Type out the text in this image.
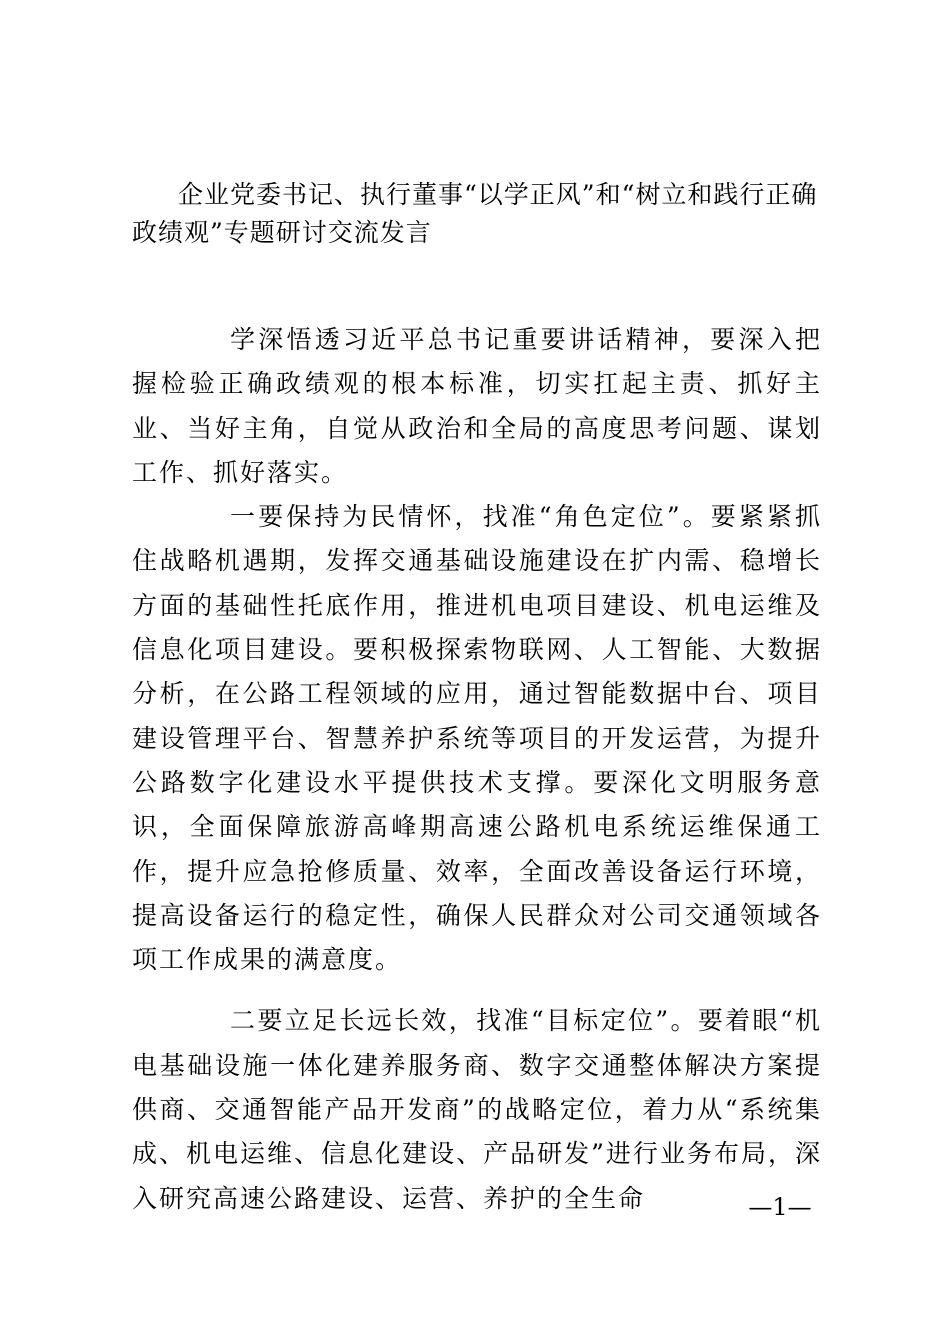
企业党委书记、执行董事“以学正风”和“树立和践行正确政绩观”专题研讨交流发言

学深悟透习近平总书记重要讲话精神，要深入把握检验正确政绩观的根本标准，切实扛起主责、抓好主业、当好主角，自觉从政治和全局的高度思考问题、谋划工作、抓好落实。

一要保持为民情怀，找准“角色定位”。要紧紧抓住战略机遇期，发挥交通基础设施建设在扩内需、稳增长方面的基础性托底作用，推进机电项目建设、机电运维及信息化项目建设。要积极探索物联网、人工智能、大数据分析，在公路工程领域的应用，通过智能数据中台、项目建设管理平台、智慧养护系统等项目的开发运营，为提升公路数字化建设水平提供技术支撑。要深化文明服务意识，全面保障旅游高峰期高速公路机电系统运维保通工作，提升应急抢修质量、效率，全面改善设备运行环境，提高设备运行的稳定性，确保人民群众对公司交通领域各项工作成果的满意度。

二要立足长远长效，找准“目标定位”。要着眼“机电基础设施一体化建养服务商、数字交通整体解决方案提供商、交通智能产品开发商”的战略定位，着力从“系统集成、机电运维、信息化建设、产品研发”进行业务布局，深入研究高速公路建设、运营、养护的全生命	—1—
